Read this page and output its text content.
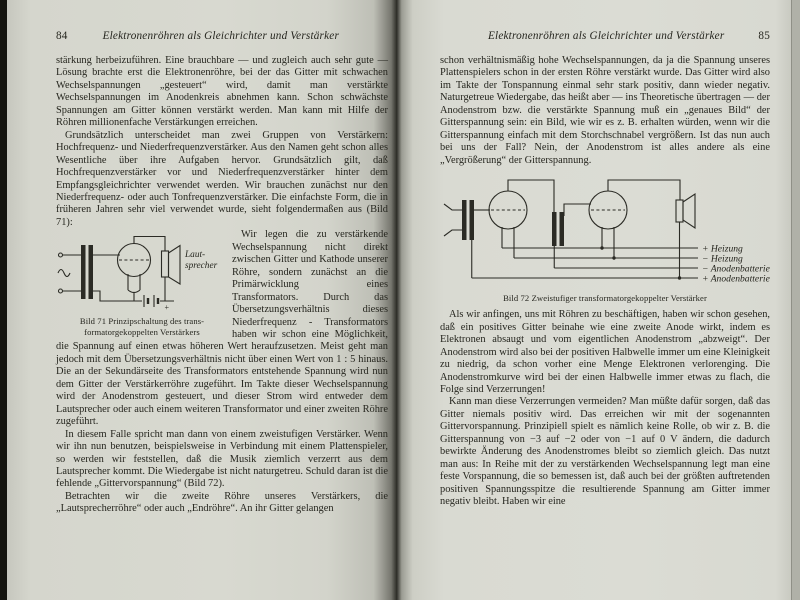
84	Elektronenröhren als Gleichrichter und Verstärker

stärkung herbeizuführen. Eine brauchbare — und zugleich auch sehr gute — Lösung brachte erst die Elektronenröhre, bei der das Gitter mit schwachen Wechselspannungen „gesteuert“ wird, damit man verstärkte Wechselspannungen im Anodenkreis abnehmen kann. Schon schwächste Spannungen am Gitter können verstärkt werden. Man kann mit Hilfe der Röhren millionenfache Verstärkungen erreichen.

Grundsätzlich unterscheidet man zwei Gruppen von Verstärkern: Hochfrequenz- und Niederfrequenzverstärker. Aus den Namen geht schon alles Wesentliche über ihre Aufgaben hervor. Grundsätzlich gilt, daß Hochfrequenzverstärker vor und Niederfrequenzverstärker hinter dem Empfangsgleichrichter verwendet werden. Wir brauchen zunächst nur den Niederfrequenz- oder auch Tonfrequenzverstärker. Die einfachste Form, die in früheren Jahren sehr viel verwendet wurde, sieht folgendermaßen aus (Bild 71):

+
Laut-
sprecher
Bild 71 Prinzipschaltung des trans-
formatorgekoppelten Verstärkers

Wir legen die zu verstärkende Wechselspannung nicht direkt zwischen Gitter und Kathode unserer Röhre, sondern zunächst an die Primärwicklung eines Transformators. Durch das Übersetzungsverhältnis dieses Niederfrequenz - Transformators haben wir schon eine Möglichkeit, die Spannung auf einen etwas höheren Wert heraufzusetzen. Meist geht man jedoch mit dem Übersetzungsverhältnis nicht über einen Wert von 1 : 5 hinaus. Die an der Sekundärseite des Transformators entstehende Spannung wird nun dem Gitter der Verstärkerröhre zugeführt. Im Takte dieser Wechselspannung wird der Anodenstrom gesteuert, und dieser Strom wird entweder dem Lautsprecher oder auch einem weiteren Transformator und einer zweiten Röhre zugeführt.

In diesem Falle spricht man dann von einem zweistufigen Verstärker. Wenn wir ihn nun benutzen, beispielsweise in Verbindung mit einem Plattenspieler, so werden wir feststellen, daß die Musik ziemlich verzerrt aus dem Lautsprecher kommt. Die Wiedergabe ist nicht naturgetreu. Schuld daran ist die fehlende „Gittervorspannung“ (Bild 72).

Betrachten wir die zweite Röhre unseres Verstärkers, die „Lautsprecherröhre“ oder auch „Endröhre“. An ihr Gitter gelangen

Elektronenröhren als Gleichrichter und Verstärker	85

schon verhältnismäßig hohe Wechselspannungen, da ja die Spannung unseres Plattenspielers schon in der ersten Röhre verstärkt wurde. Das Gitter wird also im Takte der Tonspannung einmal sehr stark positiv, dann wieder negativ. Naturgetreue Wiedergabe, das heißt aber — ins Theoretische übertragen — der Anodenstrom bzw. die verstärkte Spannung muß ein „genaues Bild“ der Gitterspannung sein: ein Bild, wie wir es z. B. erhalten würden, wenn wir die Gitterspannung einfach mit dem Storchschnabel vergrößern. Ist das nun auch bei uns der Fall? Nein, der Anodenstrom ist alles andere als eine „Vergrößerung“ der Gitterspannung.

+ Heizung
− Heizung
− Anodenbatterie
+ Anodenbatterie
Bild 72 Zweistufiger transformatorgekoppelter Verstärker

Als wir anfingen, uns mit Röhren zu beschäftigen, haben wir schon gesehen, daß ein positives Gitter beinahe wie eine zweite Anode wirkt, indem es Elektronen absaugt und vom eigentlichen Anodenstrom „abzweigt“. Der Anodenstrom wird also bei der positiven Halbwelle immer um eine Kleinigkeit zu niedrig, da schon vorher eine Menge Elektronen verlorenging. Die Anodenstromkurve wird bei der einen Halbwelle immer etwas zu flach, die Folge sind Verzerrungen!

Kann man diese Verzerrungen vermeiden? Man müßte dafür sorgen, daß das Gitter niemals positiv wird. Das erreichen wir mit der sogenannten Gittervorspannung. Prinzipiell spielt es nämlich keine Rolle, ob wir z. B. die Gitterspannung von −3 auf −2 oder von −1 auf 0 V ändern, die dadurch bewirkte Änderung des Anodenstromes bleibt so ziemlich gleich. Das nutzt man aus: In Reihe mit der zu verstärkenden Wechselspannung legt man eine feste Vorspannung, die so bemessen ist, daß auch bei der größten auftretenden positiven Spannungsspitze die resultierende Spannung am Gitter immer negativ bleibt. Haben wir eine
